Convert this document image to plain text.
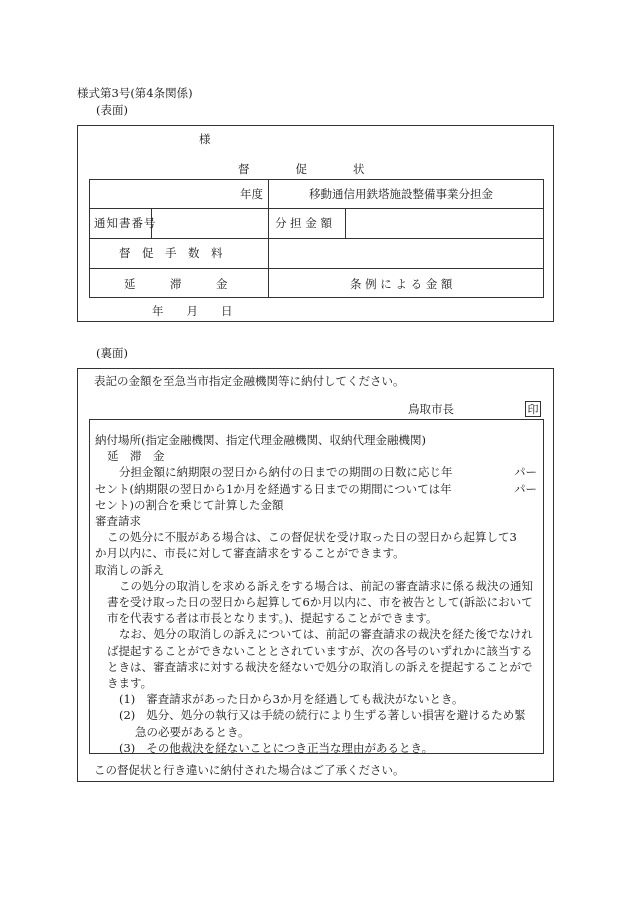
様式第3号(第4条関係)
(表面)
様
督　　　　促　　　　状
年度	移動通信用鉄塔施設整備事業分担金
通知書番号	分 担 金 額
督　促　手　数　料
延　　　滞　　　金	条 例 に よ る 金 額
年　　月　　日
(裏面)
表記の金額を至急当市指定金融機関等に納付してください。
鳥取市長	印
納付場所(指定金融機関、指定代理金融機関、収納代理金融機関)
延　滞　金
分担金額に納期限の翌日から納付の日までの期間の日数に応じ年	パー
セント(納期限の翌日から1か月を経過する日までの期間については年	パー
セント)の割合を乗じて計算した金額
審査請求
この処分に不服がある場合は、この督促状を受け取った日の翌日から起算して3
か月以内に、市長に対して審査請求をすることができます。
取消しの訴え
この処分の取消しを求める訴えをする場合は、前記の審査請求に係る裁決の通知
書を受け取った日の翌日から起算して6か月以内に、市を被告として(訴訟において
市を代表する者は市長となります。)、提起することができます。
なお、処分の取消しの訴えについては、前記の審査請求の裁決を経た後でなけれ
ば提起することができないこととされていますが、次の各号のいずれかに該当する
ときは、審査請求に対する裁決を経ないで処分の取消しの訴えを提起することがで
きます。
(1) 審査請求があった日から3か月を経過しても裁決がないとき。
(2) 処分、処分の執行又は手続の続行により生ずる著しい損害を避けるため緊
急の必要があるとき。
(3) その他裁決を経ないことにつき正当な理由があるとき。
この督促状と行き違いに納付された場合はご了承ください。
